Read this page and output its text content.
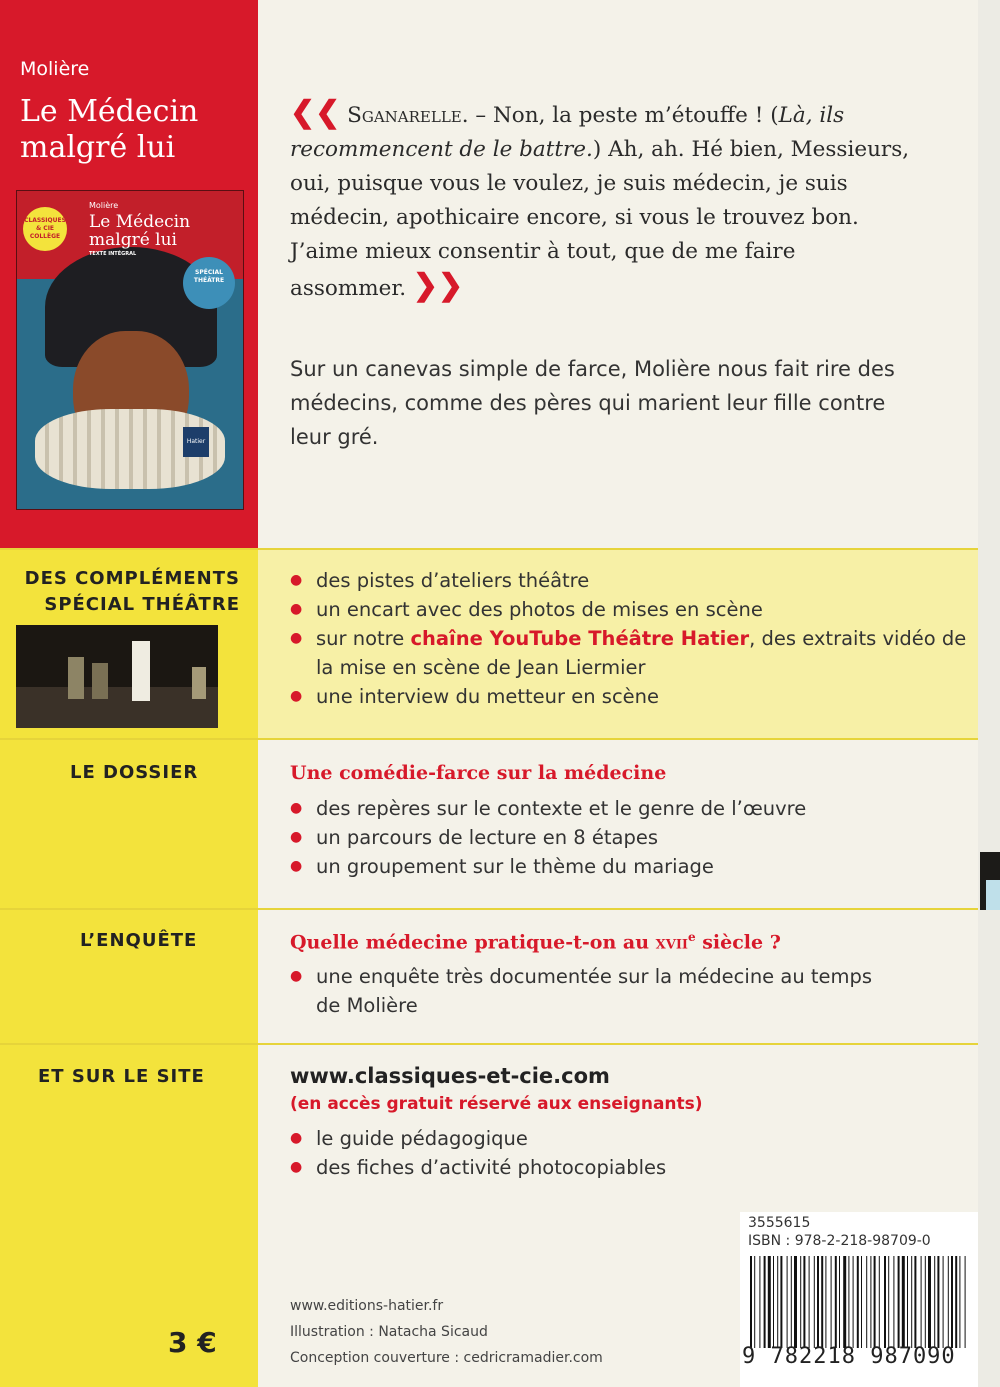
Molière
Le Médecin malgré lui
CLASSIQUES & CIE COLLÈGE
Molière
Le Médecin malgré lui
TEXTE INTÉGRAL
SPÉCIAL THÉÂTRE
Hatier
❮❮ Sganarelle. – Non, la peste m’étouffe ! (Là, ils recommencent de le battre.) Ah, ah. Hé bien, Messieurs, oui, puisque vous le voulez, je suis médecin, je suis médecin, apothicaire encore, si vous le trouvez bon. J’aime mieux consentir à tout, que de me faire assommer. ❯❯
Sur un canevas simple de farce, Molière nous fait rire des médecins, comme des pères qui marient leur fille contre leur gré.
DES COMPLÉMENTS SPÉCIAL THÉÂTRE
● des pistes d’ateliers théâtre
● un encart avec des photos de mises en scène
● sur notre chaîne YouTube Théâtre Hatier, des extraits vidéo de la mise en scène de Jean Liermier
● une interview du metteur en scène
LE DOSSIER	Une comédie-farce sur la médecine
● des repères sur le contexte et le genre de l’œuvre
● un parcours de lecture en 8 étapes
● un groupement sur le thème du mariage
L’ENQUÊTE	Quelle médecine pratique-t-on au xvii$^e$ siècle ?
● une enquête très documentée sur la médecine au temps de Molière
ET SUR LE SITE	www.classiques-et-cie.com
(en accès gratuit réservé aux enseignants)
● le guide pédagogique
● des fiches d’activité photocopiables
www.editions-hatier.fr
Illustration : Natacha Sicaud
Conception couverture : cedricramadier.com
3 €
3555615
ISBN : 978-2-218-98709-0
9 782218 987090
